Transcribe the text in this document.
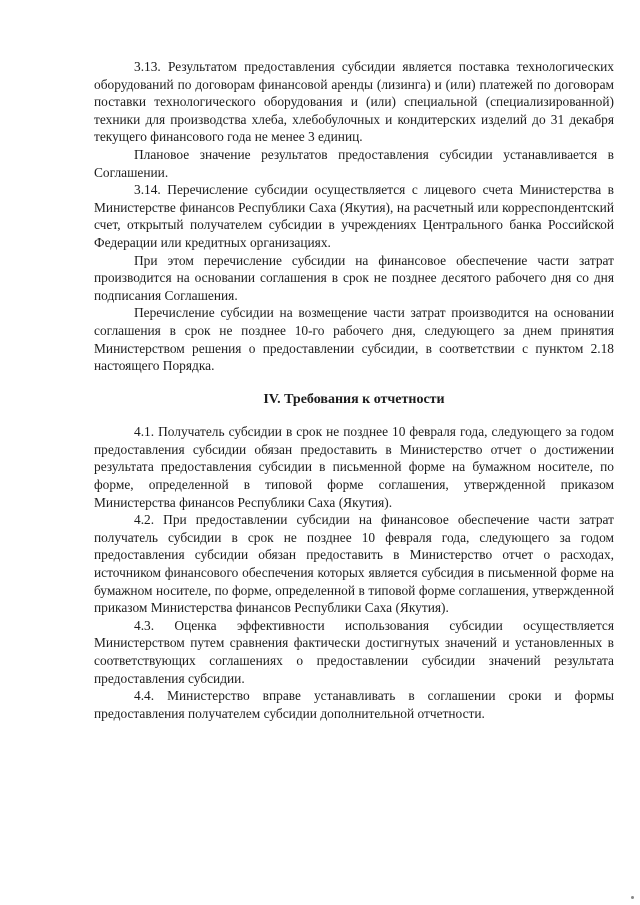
3.13. Результатом предоставления субсидии является поставка технологических оборудований по договорам финансовой аренды (лизинга) и (или) платежей по договорам поставки технологического оборудования и (или) специальной (специализированной) техники для производства хлеба, хлебобулочных и кондитерских изделий до 31 декабря текущего финансового года не менее 3 единиц.

Плановое значение результатов предоставления субсидии устанавливается в Соглашении.

3.14. Перечисление субсидии осуществляется с лицевого счета Министерства в Министерстве финансов Республики Саха (Якутия), на расчетный или корреспондентский счет, открытый получателем субсидии в учреждениях Центрального банка Российской Федерации или кредитных организациях.

При этом перечисление субсидии на финансовое обеспечение части затрат производится на основании соглашения в срок не позднее десятого рабочего дня со дня подписания Соглашения.

Перечисление субсидии на возмещение части затрат производится на основании соглашения в срок не позднее 10-го рабочего дня, следующего за днем принятия Министерством решения о предоставлении субсидии, в соответствии с пунктом 2.18 настоящего Порядка.

IV. Требования к отчетности

4.1. Получатель субсидии в срок не позднее 10 февраля года, следующего за годом предоставления субсидии обязан предоставить в Министерство отчет о достижении результата предоставления субсидии в письменной форме на бумажном носителе, по форме, определенной в типовой форме соглашения, утвержденной приказом Министерства финансов Республики Саха (Якутия).

4.2. При предоставлении субсидии на финансовое обеспечение части затрат получатель субсидии в срок не позднее 10 февраля года, следующего за годом предоставления субсидии обязан предоставить в Министерство отчет о расходах, источником финансового обеспечения которых является субсидия в письменной форме на бумажном носителе, по форме, определенной в типовой форме соглашения, утвержденной приказом Министерства финансов Республики Саха (Якутия).

4.3. Оценка эффективности использования субсидии осуществляется Министерством путем сравнения фактически достигнутых значений и установленных в соответствующих соглашениях о предоставлении субсидии значений результата предоставления субсидии.

4.4. Министерство вправе устанавливать в соглашении сроки и формы предоставления получателем субсидии дополнительной отчетности.
